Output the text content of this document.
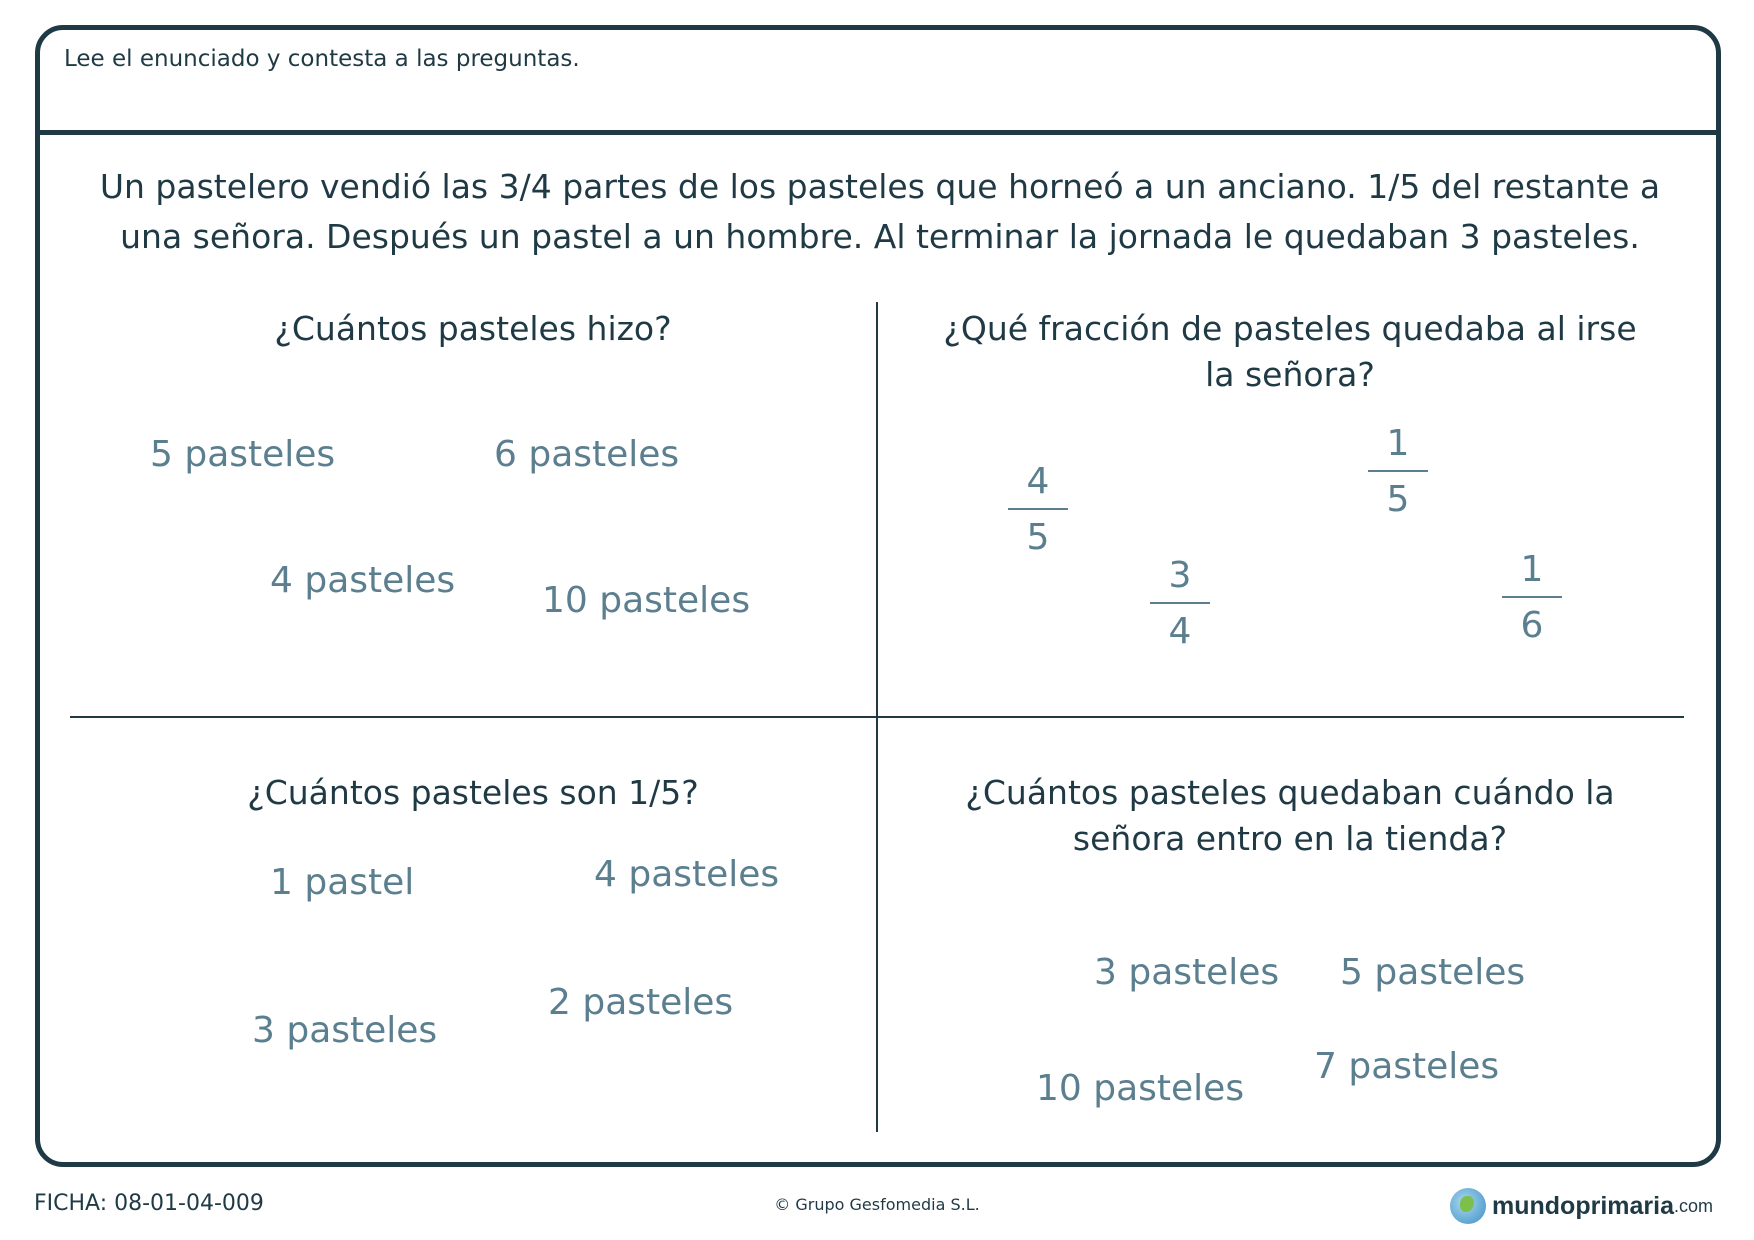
Lee el enunciado y contesta a las preguntas.
Un pastelero vendió las 3/4 partes de los pasteles que horneó a un anciano. 1/5 del restante a
una señora. Después un pastel a un hombre. Al terminar la jornada le quedaban 3 pasteles.
¿Cuántos pasteles hizo?
5 pasteles	6 pasteles
4 pasteles 10 pasteles
¿Qué fracción de pasteles quedaba al irse
la señora?
4
5
1
5
3
4
1
6
¿Cuántos pasteles son 1/5?
1 pastel	4 pasteles
3 pasteles
2 pasteles
¿Cuántos pasteles quedaban cuándo la
señora entro en la tienda?
3 pasteles 5 pasteles
10 pasteles
7 pasteles
FICHA: 08-01-04-009	© Grupo Gesfomedia S.L.	mundoprimaria .com
